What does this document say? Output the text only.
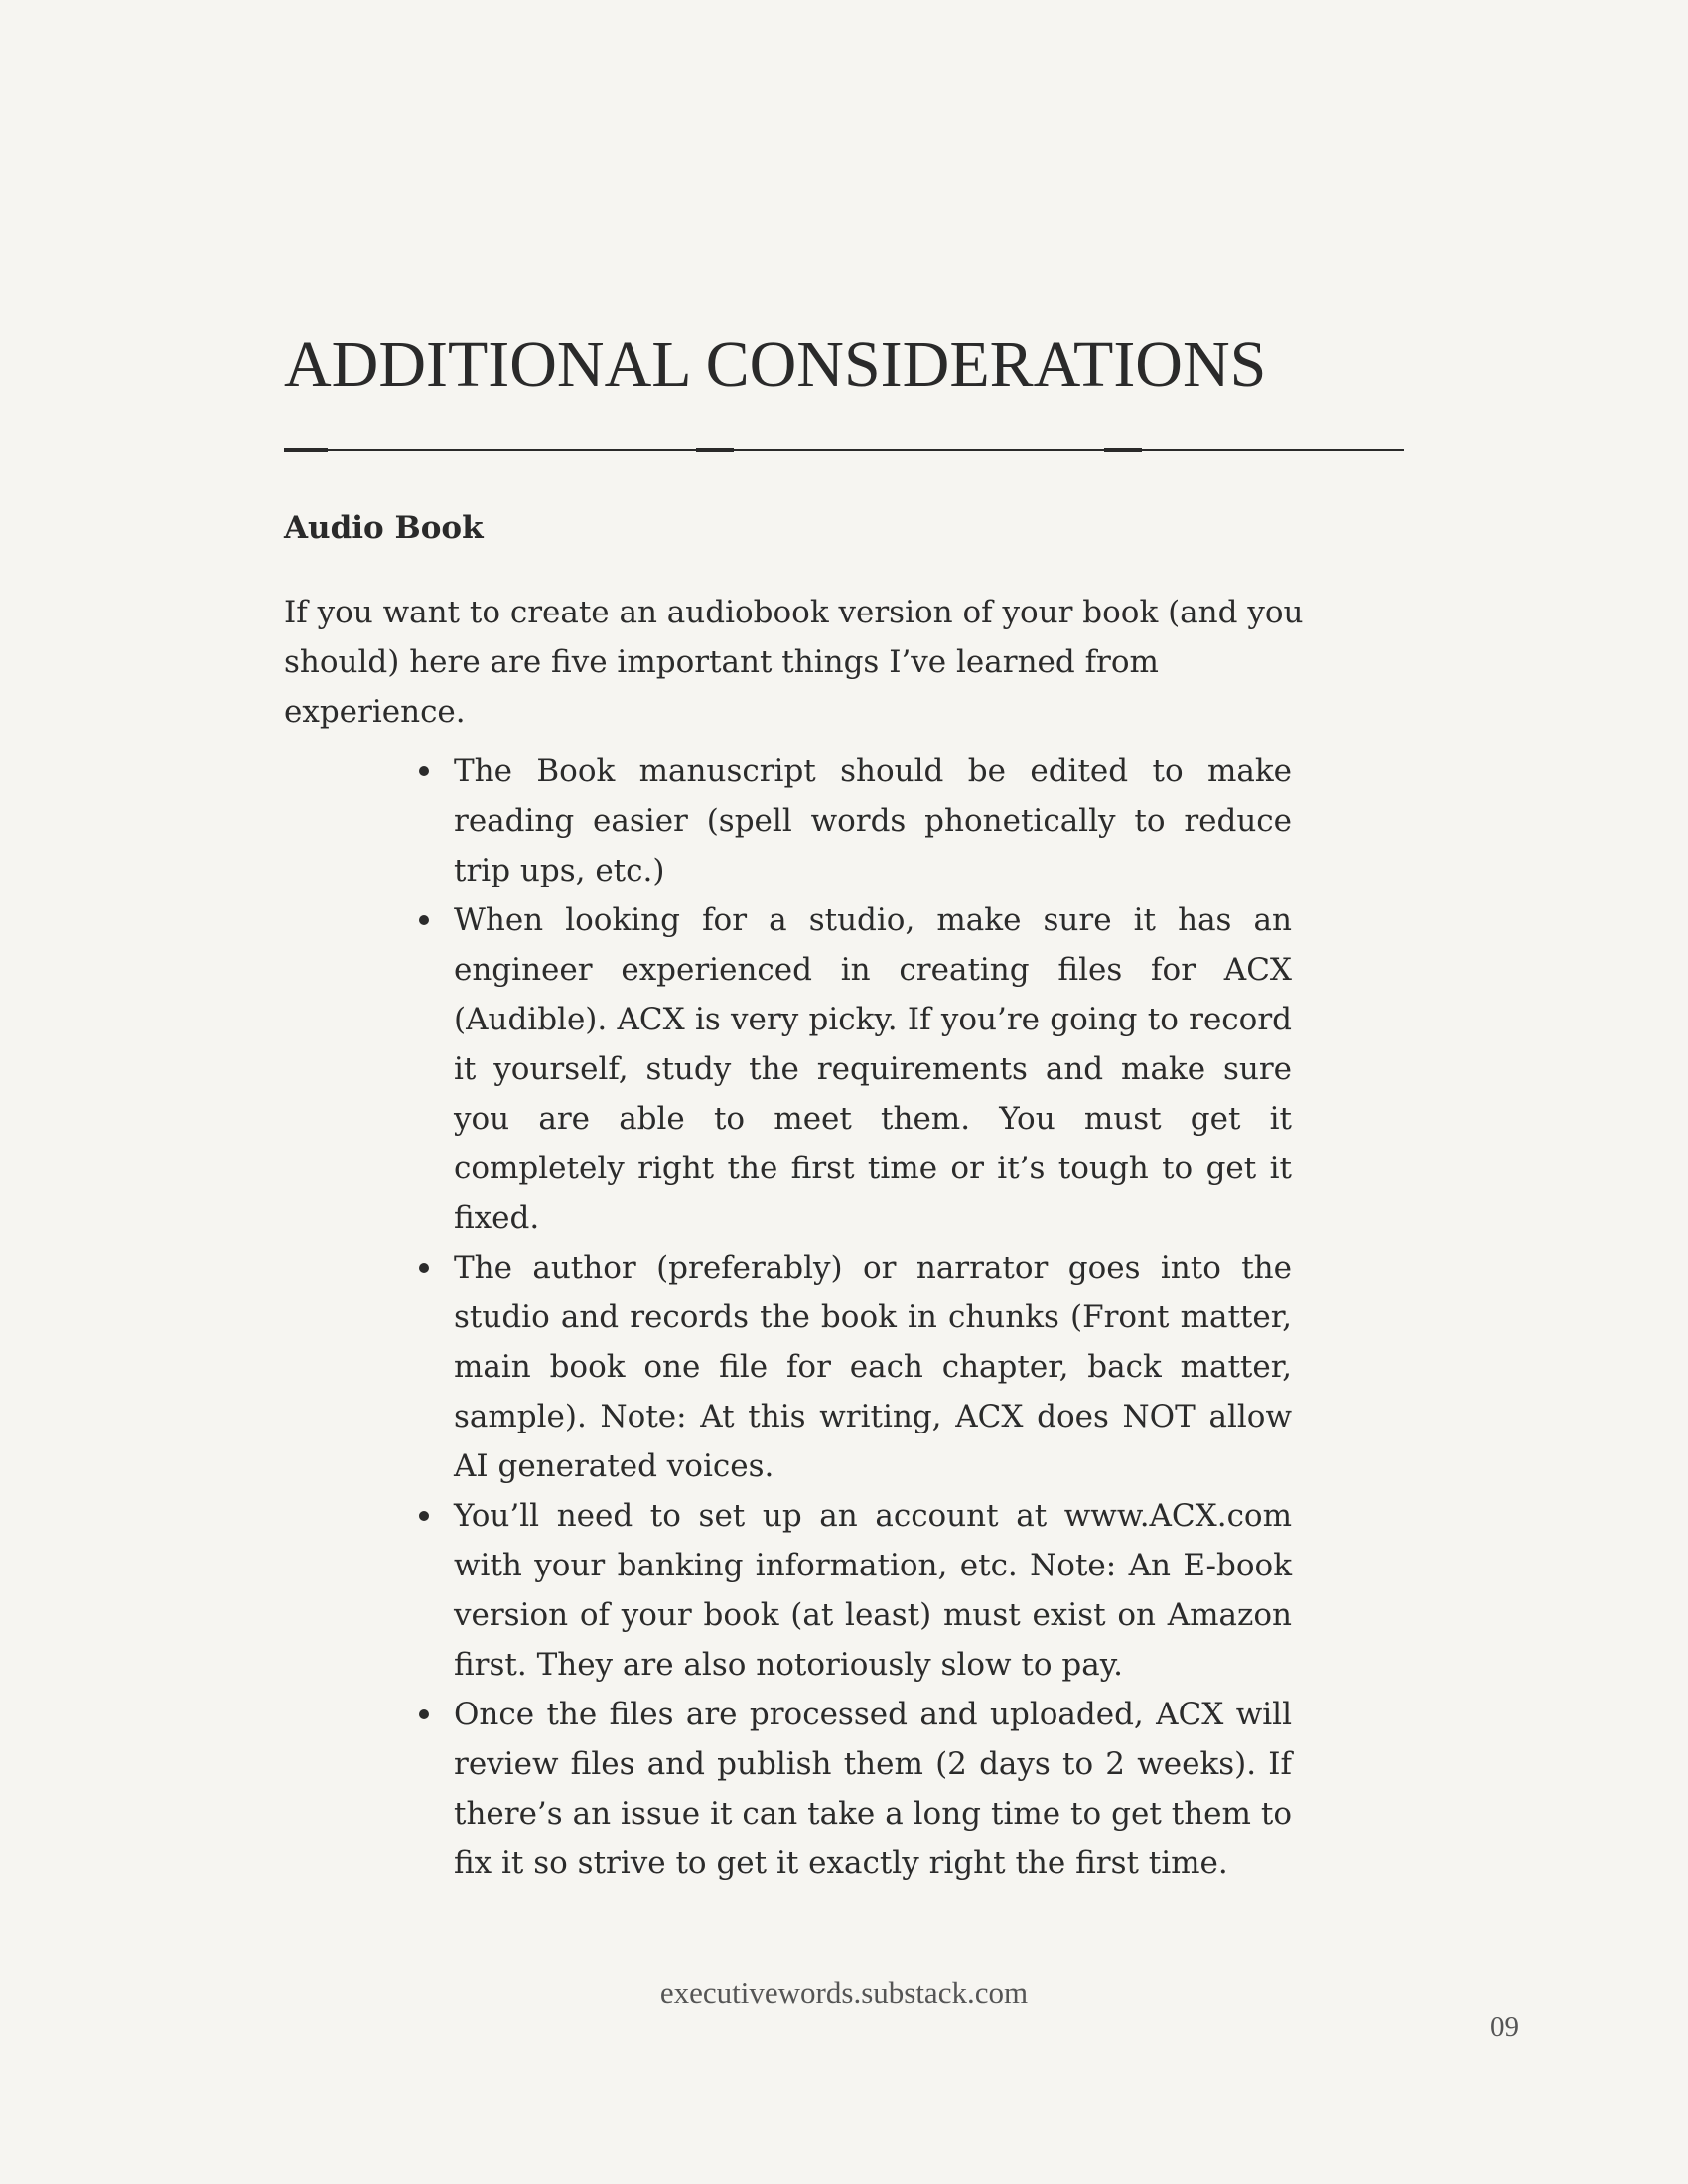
ADDITIONAL CONSIDERATIONS
Audio Book

If you want to create an audiobook version of your book (and you should) here are five important things I’ve learned from experience.

The Book manuscript should be edited to make reading easier (spell words phonetically to reduce trip ups, etc.)
When looking for a studio, make sure it has an engineer experienced in creating files for ACX (Audible). ACX is very picky. If you’re going to record it yourself, study the requirements and make sure you are able to meet them. You must get it completely right the first time or it’s tough to get it fixed.
The author (preferably) or narrator goes into the studio and records the book in chunks (Front matter, main book one file for each chapter, back matter, sample). Note: At this writing, ACX does NOT allow AI generated voices.
You’ll need to set up an account at www.ACX.com with your banking information, etc. Note: An E-book version of your book (at least) must exist on Amazon first. They are also notoriously slow to pay.
Once the files are processed and uploaded, ACX will review files and publish them (2 days to 2 weeks). If there’s an issue it can take a long time to get them to fix it so strive to get it exactly right the first time.
executivewords.substack.com
09
